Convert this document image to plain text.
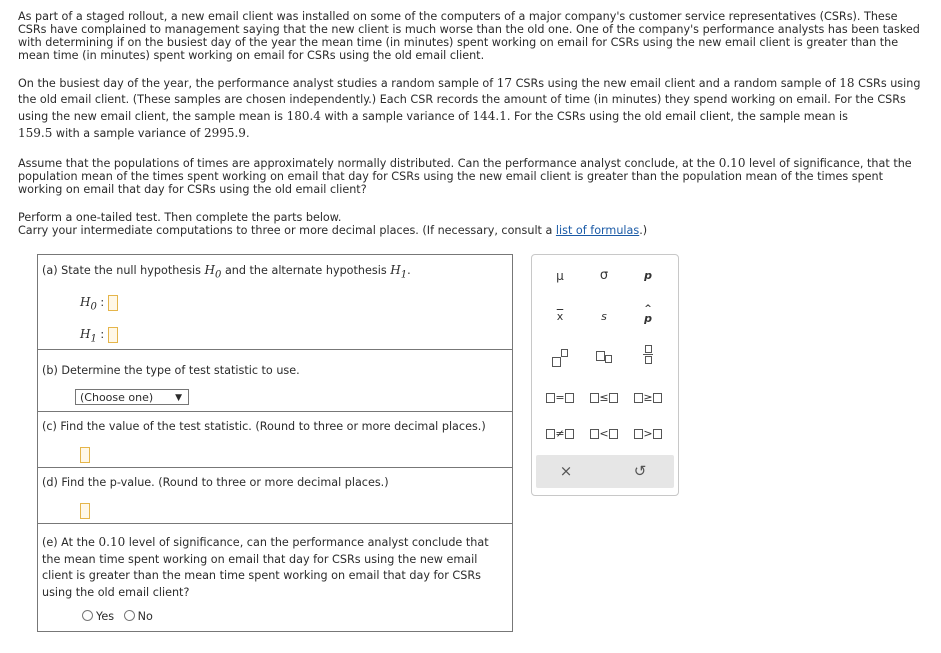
As part of a staged rollout, a new email client was installed on some of the computers of a major company's customer service representatives (CSRs). These CSRs have complained to management saying that the new client is much worse than the old one. One of the company's performance analysts has been tasked with determining if on the busiest day of the year the mean time (in minutes) spent working on email for CSRs using the new email client is greater than the mean time (in minutes) spent working on email for CSRs using the old email client.

On the busiest day of the year, the performance analyst studies a random sample of 17 CSRs using the new email client and a random sample of 18 CSRs using the old email client. (These samples are chosen independently.) Each CSR records the amount of time (in minutes) they spend working on email. For the CSRs using the new email client, the sample mean is 180.4 with a sample variance of 144.1. For the CSRs using the old email client, the sample mean is
159.5 with a sample variance of 2995.9.

Assume that the populations of times are approximately normally distributed. Can the performance analyst conclude, at the 0.10 level of significance, that the population mean of the times spent working on email that day for CSRs using the new email client is greater than the population mean of the times spent working on email that day for CSRs using the old email client?

Perform a one-tailed test. Then complete the parts below.
Carry your intermediate computations to three or more decimal places. (If necessary, consult a list of formulas.)

(a) State the null hypothesis $H_0$ and the alternate hypothesis $H_1$.
$H_0$ :
$H_1$ :
(b) Determine the type of test statistic to use.
(Choose one) ▼
(c) Find the value of the test statistic. (Round to three or more decimal places.)
(d) Find the p-value. (Round to three or more decimal places.)
(e) At the 0.10 level of significance, can the performance analyst conclude that the mean time spent working on email that day for CSRs using the new email client is greater than the mean time spent working on email that day for CSRs using the old email client?
Yes No
μ	σ	p
$\overline{x}$	s
^
p
=	≤	≥
≠	<	>
×	↺
